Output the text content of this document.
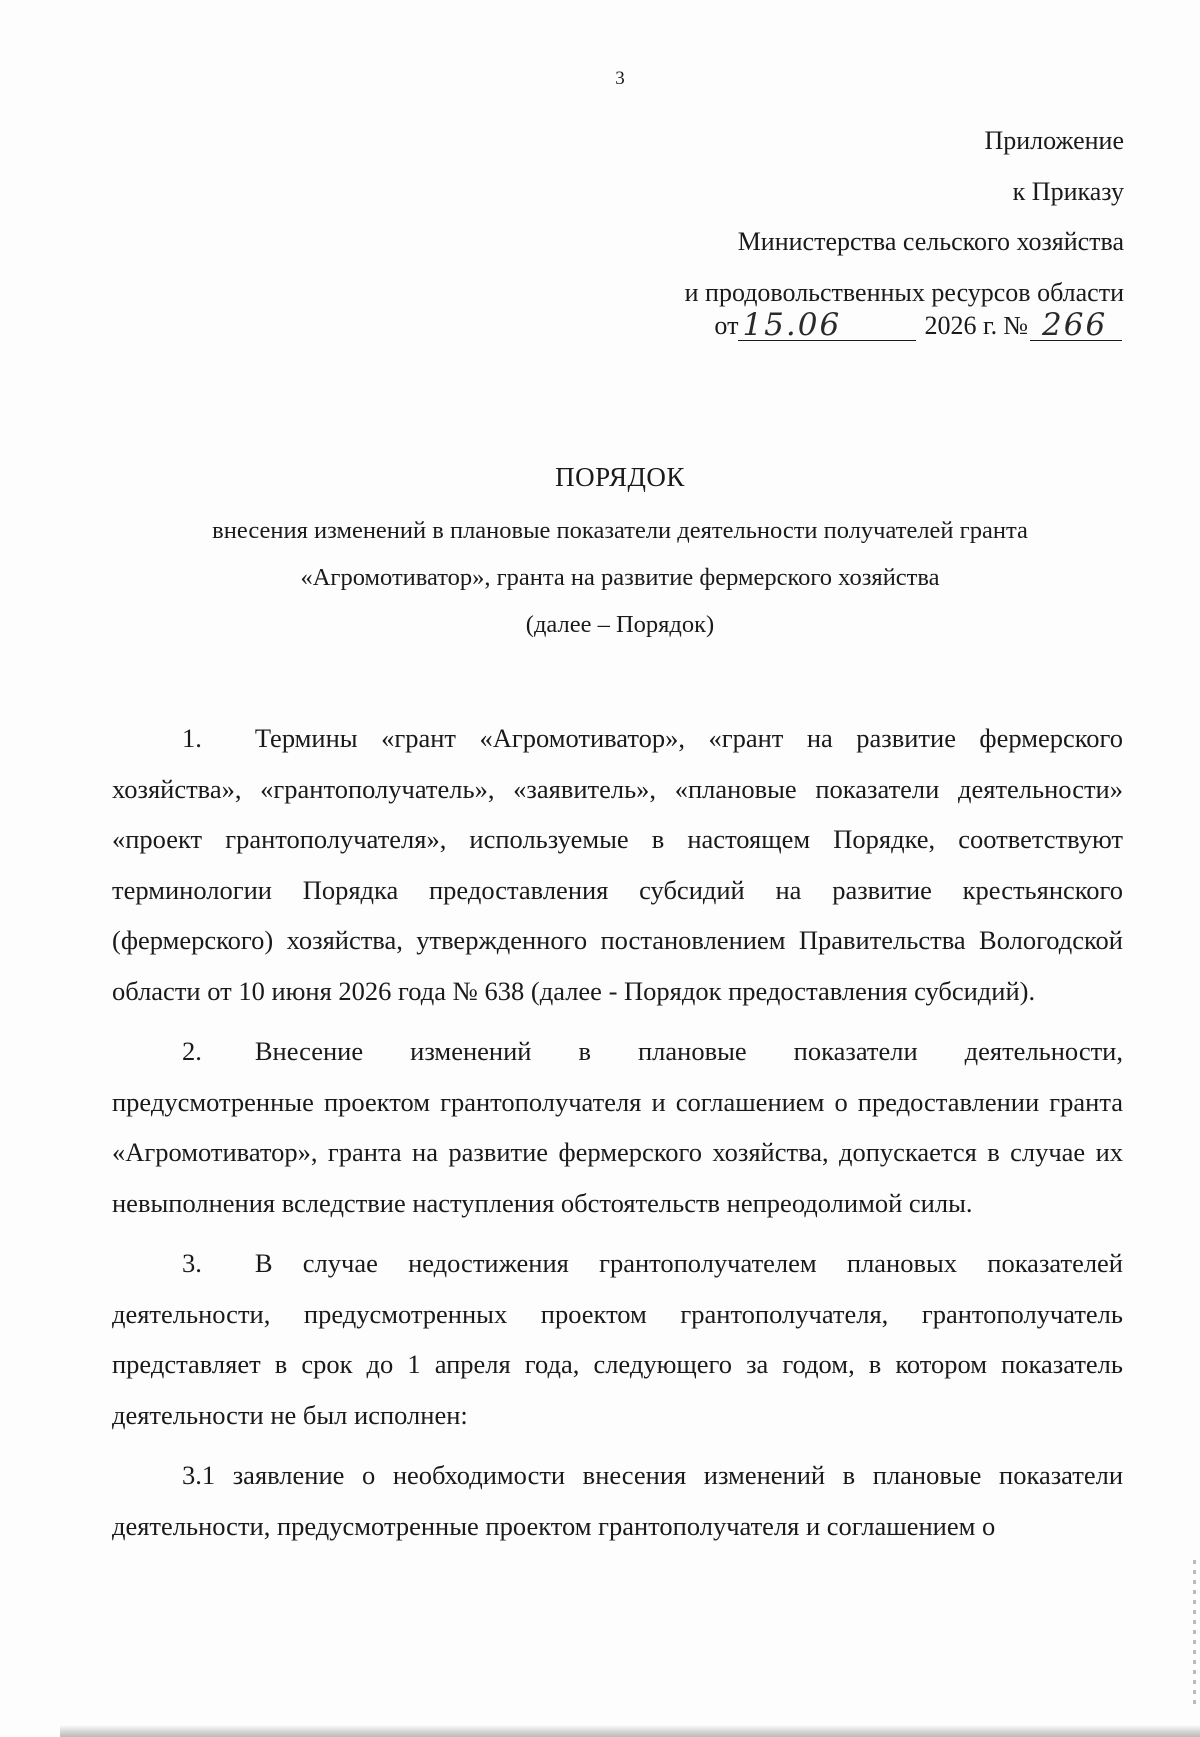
3
Приложение
к Приказу
Министерства сельского хозяйства
и продовольственных ресурсов области
от 15.06	2026 г. № 266
ПОРЯДОК
внесения изменений в плановые показатели деятельности получателей гранта
«Агромотиватор», гранта на развитие фермерского хозяйства
(далее – Порядок)

1.  Термины «грант «Агромотиватор», «грант на развитие фермерского хозяйства», «грантополучатель», «заявитель», «плановые показатели деятельности» «проект грантополучателя», используемые в настоящем Порядке, соответствуют терминологии Порядка предоставления субсидий на развитие крестьянского (фермерского) хозяйства, утвержденного постановлением Правительства Вологодской области от 10 июня 2026 года № 638 (далее - Порядок предоставления субсидий).

2.  Внесение изменений в плановые показатели деятельности, предусмотренные проектом грантополучателя и соглашением о предоставлении гранта «Агромотиватор», гранта на развитие фермерского хозяйства, допускается в случае их невыполнения вследствие наступления обстоятельств непреодолимой силы.

3.  В случае недостижения грантополучателем плановых показателей деятельности, предусмотренных проектом грантополучателя, грантополучатель представляет в срок до 1 апреля года, следующего за годом, в котором показатель деятельности не был исполнен:

3.1 заявление о необходимости внесения изменений в плановые показатели деятельности, предусмотренные проектом грантополучателя и соглашением о
